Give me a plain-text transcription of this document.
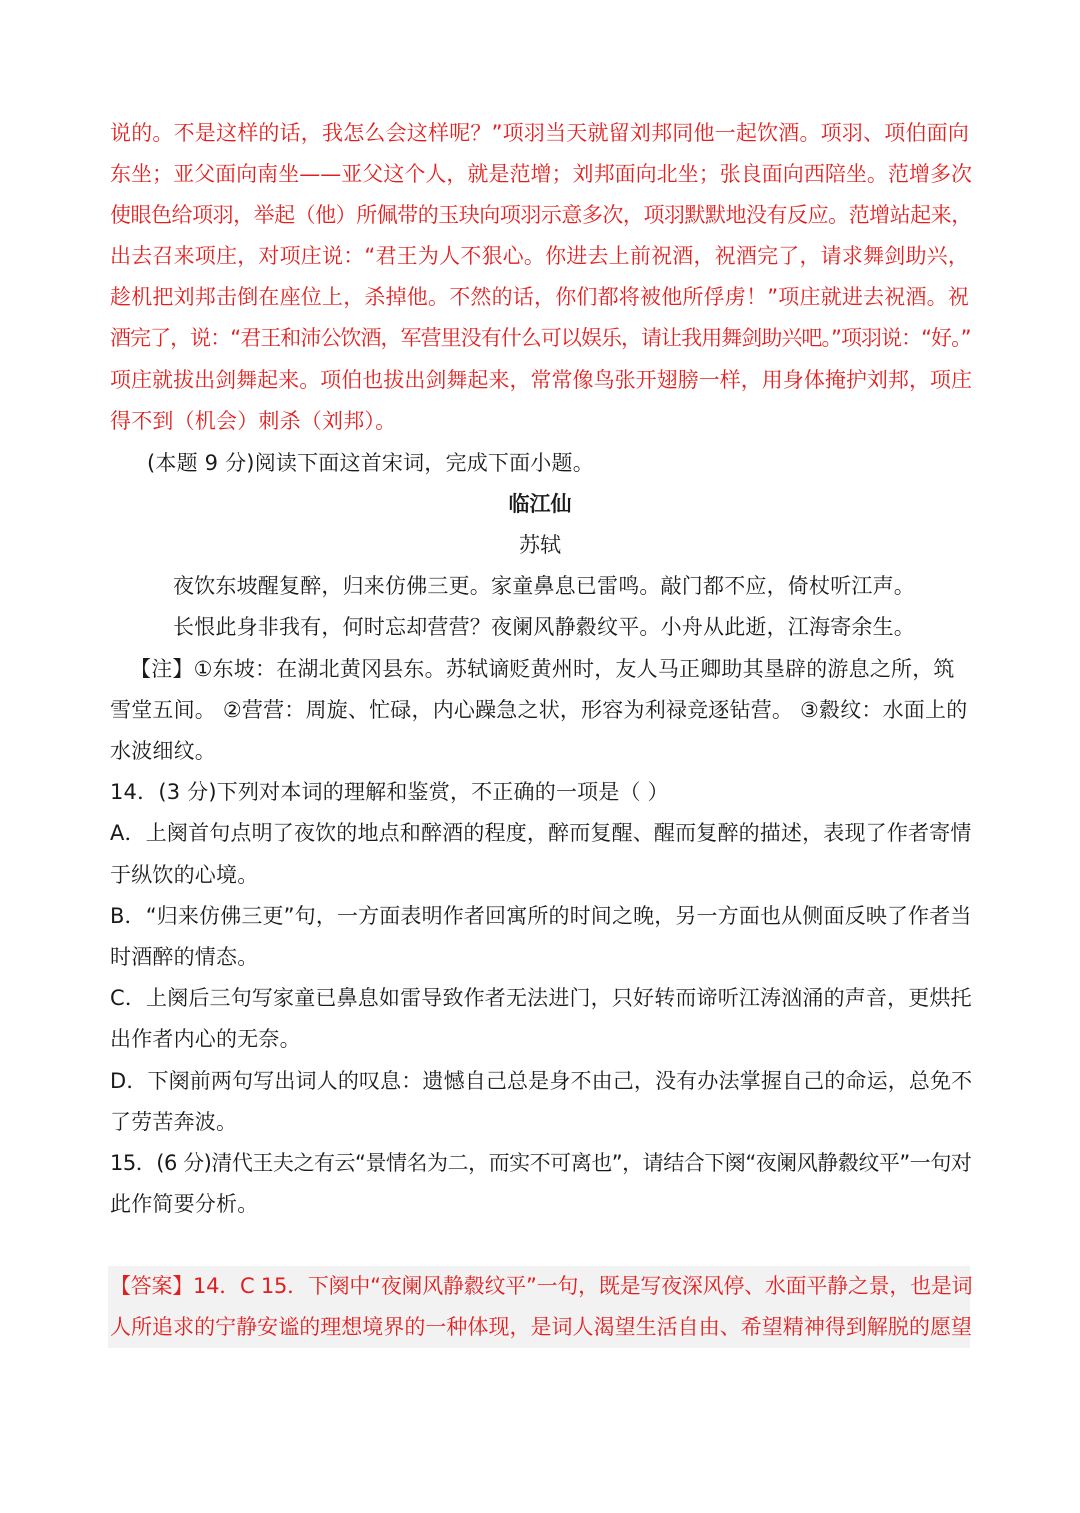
说的。不是这样的话，我怎么会这样呢？”项羽当天就留刘邦同他一起饮酒。项羽、项伯面向
东坐；亚父面向南坐——亚父这个人，就是范增；刘邦面向北坐；张良面向西陪坐。范增多次
使眼色给项羽，举起（他）所佩带的玉玦向项羽示意多次，项羽默默地没有反应。范增站起来，
出去召来项庄，对项庄说：“君王为人不狠心。你进去上前祝酒，祝酒完了，请求舞剑助兴，
趁机把刘邦击倒在座位上，杀掉他。不然的话，你们都将被他所俘虏！”项庄就进去祝酒。祝
酒完了，说：“君王和沛公饮酒，军营里没有什么可以娱乐，请让我用舞剑助兴吧。”项羽说：“好。”
项庄就拔出剑舞起来。项伯也拔出剑舞起来，常常像鸟张开翅膀一样，用身体掩护刘邦，项庄
得不到（机会）刺杀（刘邦）。
(本题 9 分)阅读下面这首宋词，完成下面小题。
临江仙
苏轼
夜饮东坡醒复醉，归来仿佛三更。家童鼻息已雷鸣。敲门都不应，倚杖听江声。
长恨此身非我有，何时忘却营营？夜阑风静縠纹平。小舟从此逝，江海寄余生。
【注】①东坡：在湖北黄冈县东。苏轼谪贬黄州时，友人马正卿助其垦辟的游息之所，筑
雪堂五间。 ②营营：周旋、忙碌，内心躁急之状，形容为利禄竞逐钻营。 ③縠纹：水面上的
水波细纹。
14．(3 分)下列对本词的理解和鉴赏，不正确的一项是（ ）
A．上阕首句点明了夜饮的地点和醉酒的程度，醉而复醒、醒而复醉的描述，表现了作者寄情
于纵饮的心境。
B．“归来仿佛三更”句，一方面表明作者回寓所的时间之晚，另一方面也从侧面反映了作者当
时酒醉的情态。
C．上阕后三句写家童已鼻息如雷导致作者无法进门，只好转而谛听江涛汹涌的声音，更烘托
出作者内心的无奈。
D．下阕前两句写出词人的叹息：遗憾自己总是身不由己，没有办法掌握自己的命运，总免不
了劳苦奔波。
15．(6 分)清代王夫之有云“景情名为二，而实不可离也”，请结合下阕“夜阑风静縠纹平”一句对
此作简要分析。
【答案】14．C 15．下阕中“夜阑风静縠纹平”一句，既是写夜深风停、水面平静之景，也是词
人所追求的宁静安谧的理想境界的一种体现，是词人渴望生活自由、希望精神得到解脱的愿望
